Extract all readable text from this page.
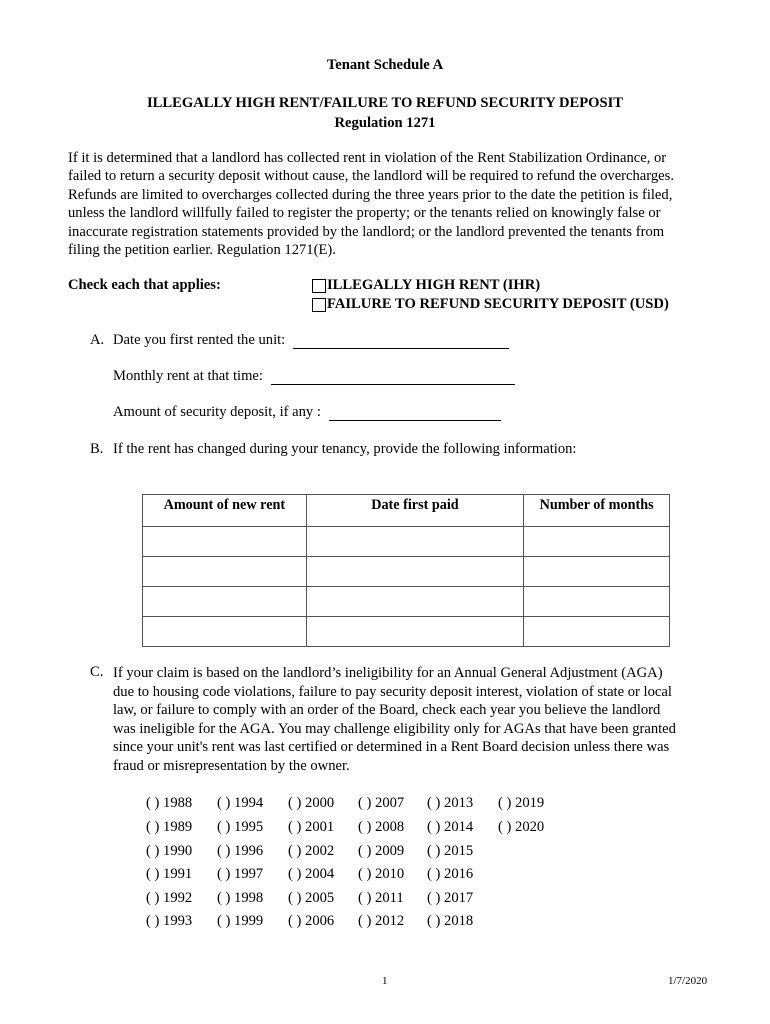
Tenant Schedule A
ILLEGALLY HIGH RENT/FAILURE TO REFUND SECURITY DEPOSIT
Regulation 1271
If it is determined that a landlord has collected rent in violation of the Rent Stabilization Ordinance, or
failed to return a security deposit without cause, the landlord will be required to refund the overcharges.
Refunds are limited to overcharges collected during the three years prior to the date the petition is filed,
unless the landlord willfully failed to register the property; or the tenants relied on knowingly false or
inaccurate registration statements provided by the landlord; or the landlord prevented the tenants from
filing the petition earlier. Regulation 1271(E).
Check each that applies:	ILLEGALLY HIGH RENT (IHR)
FAILURE TO REFUND SECURITY DEPOSIT (USD)
A. Date you first rented the unit:
Monthly rent at that time:
Amount of security deposit, if any :
B. If the rent has changed during your tenancy, provide the following information:
Amount of new rent	Date first paid	Number of months

C. If your claim is based on the landlord’s ineligibility for an Annual General Adjustment (AGA)
due to housing code violations, failure to pay security deposit interest, violation of state or local
law, or failure to comply with an order of the Board, check each year you believe the landlord
was ineligible for the AGA. You may challenge eligibility only for AGAs that have been granted
since your unit's rent was last certified or determined in a Rent Board decision unless there was
fraud or misrepresentation by the owner.
( ) 1988
( ) 1989
( ) 1990
( ) 1991
( ) 1992
( ) 1993
( ) 1994
( ) 1995
( ) 1996
( ) 1997
( ) 1998
( ) 1999
( ) 2000
( ) 2001
( ) 2002
( ) 2004
( ) 2005
( ) 2006
( ) 2007
( ) 2008
( ) 2009
( ) 2010
( ) 2011
( ) 2012
( ) 2013
( ) 2014
( ) 2015
( ) 2016
( ) 2017
( ) 2018
( ) 2019
( ) 2020
1	1/7/2020
